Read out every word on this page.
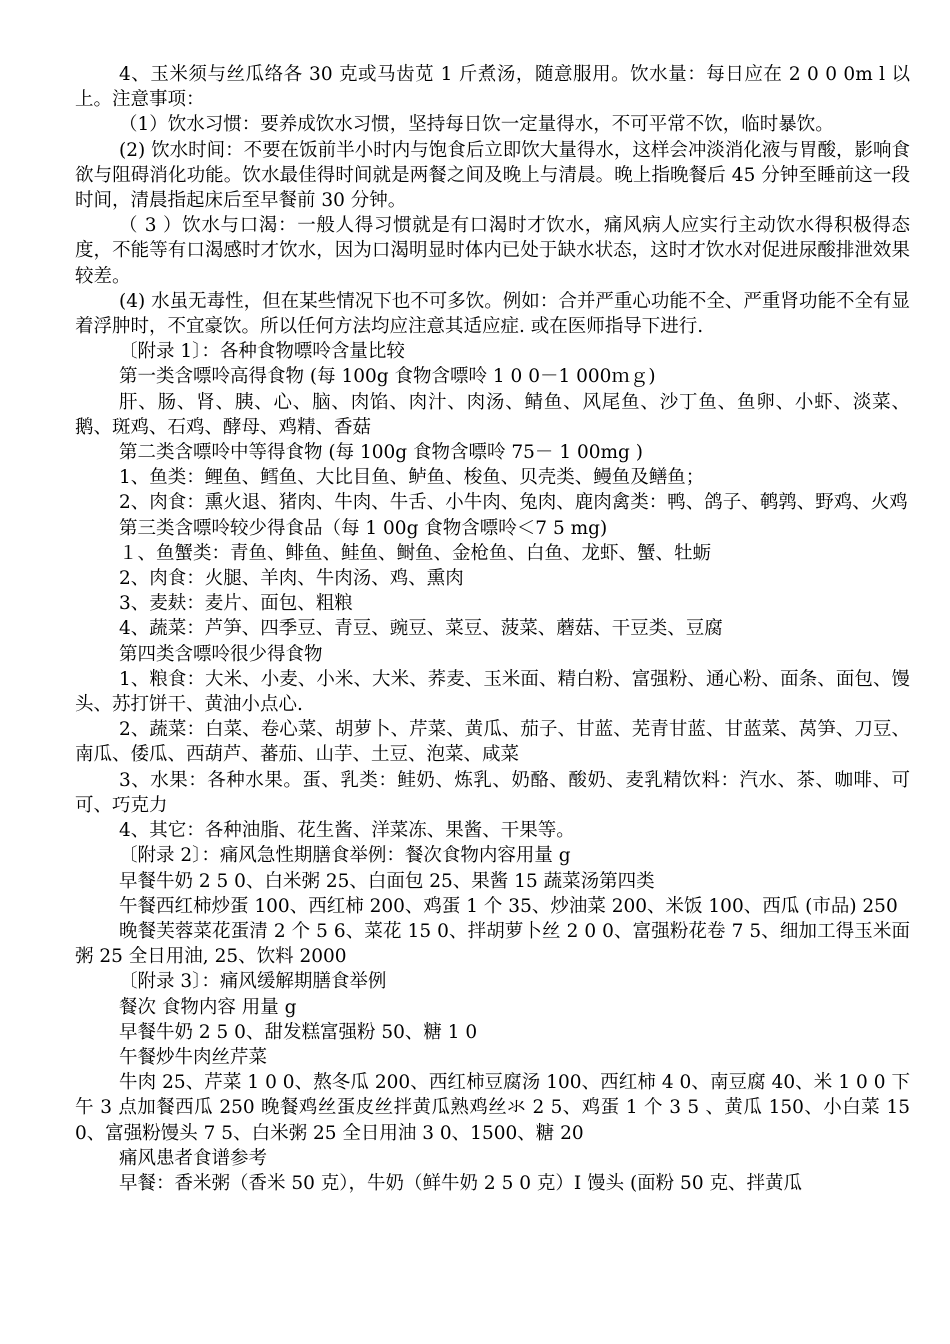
4、玉米须与丝瓜络各 30 克或马齿苋 1 斤煮汤，随意服用。饮水量：每日应在 2 0 0 0m l 以上。注意事项：

（1）饮水习惯：要养成饮水习惯，坚持每日饮一定量得水，不可平常不饮，临时暴饮。

(2) 饮水时间：不要在饭前半小时内与饱食后立即饮大量得水，这样会冲淡消化液与胃酸，影响食欲与阻碍消化功能。饮水最佳得时间就是两餐之间及晚上与清晨。晚上指晚餐后 45 分钟至睡前这一段时间，清晨指起床后至早餐前 30 分钟。

（ 3 ）饮水与口渴：一般人得习惯就是有口渴时才饮水，痛风病人应实行主动饮水得积极得态度，不能等有口渴感时才饮水，因为口渴明显时体内已处于缺水状态，这时才饮水对促进尿酸排泄效果较差。

(4) 水虽无毒性，但在某些情况下也不可多饮。例如：合并严重心功能不全、严重肾功能不全有显着浮肿时，不宜豪饮。所以任何方法均应注意其适应症. 或在医师指导下进行.

〔附录 1〕：各种食物嘌呤含量比较

第一类含嘌呤高得食物 (每 100g 食物含嘌呤 1 0 0－1 000ｍｇ)

肝、肠、肾、胰、心、脑、肉馅、肉汁、肉汤、鲭鱼、风尾鱼、沙丁鱼、鱼卵、小虾、淡菜、鹅、斑鸡、石鸡、酵母、鸡精、香菇

第二类含嘌呤中等得食物 (每 100g 食物含嘌呤 75－ 1 00mg )

1、鱼类：鲤鱼、鳕鱼、大比目鱼、鲈鱼、梭鱼、贝壳类、鳗鱼及鳝鱼；

2、肉食：熏火退、猪肉、牛肉、牛舌、小牛肉、兔肉、鹿肉禽类：鸭、鸽子、鹌鹑、野鸡、火鸡

第三类含嘌呤较少得食品（每 1 00g 食物含嘌呤＜7 5 mg)

１、鱼蟹类：青鱼、鲱鱼、鲑鱼、鲥鱼、金枪鱼、白鱼、龙虾、蟹、牡蛎

2、肉食：火腿、羊肉、牛肉汤、鸡、熏肉

3、麦麸：麦片、面包、粗粮

4、蔬菜：芦笋、四季豆、青豆、豌豆、菜豆、菠菜、蘑菇、干豆类、豆腐

第四类含嘌呤很少得食物

1、粮食：大米、小麦、小米、大米、荞麦、玉米面、精白粉、富强粉、通心粉、面条、面包、馒头、苏打饼干、黄油小点心.

2、蔬菜：白菜、卷心菜、胡萝卜、芹菜、黄瓜、茄子、甘蓝、芜青甘蓝、甘蓝菜、莴笋、刀豆、南瓜、倭瓜、西葫芦、蕃茄、山芋、土豆、泡菜、咸菜

3、水果：各种水果。蛋、乳类：鲑奶、炼乳、奶酪、酸奶、麦乳精饮料：汽水、茶、咖啡、可可、巧克力

4、其它：各种油脂、花生酱、洋菜冻、果酱、干果等。

〔附录 2〕：痛风急性期膳食举例：餐次食物内容用量 g

早餐牛奶 2 5 0、白米粥 25、白面包 25、果酱 15 蔬菜汤第四类

午餐西红柿炒蛋 100、西红柿 200、鸡蛋 1 个 35、炒油菜 200、米饭 100、西瓜 (市品) 250

晚餐芙蓉菜花蛋清 2 个 5 6、菜花 15 0、拌胡萝卜丝 2 0 0、富强粉花卷 7 5、细加工得玉米面粥 25 全日用油, 25、饮料 2000

〔附录 3〕：痛风缓解期膳食举例

餐次 食物内容 用量 g

早餐牛奶 2 5 0、甜发糕富强粉 50、糖 1 0

午餐炒牛肉丝芹菜

牛肉 25、芹菜 1 0 0、熬冬瓜 200、西红柿豆腐汤 100、西红柿 4 0、南豆腐 40、米 1 0 0 下午 3 点加餐西瓜 250 晚餐鸡丝蛋皮丝拌黄瓜熟鸡丝氺 2 5、鸡蛋 1 个 3 5 、黄瓜 150、小白菜 150、富强粉馒头 7 5、白米粥 25 全日用油 3 0、1500、糖 20

痛风患者食谱参考

早餐：香米粥（香米 50 克），牛奶（鲜牛奶 2 5 0 克）I 馒头 (面粉 50 克、拌黄瓜
